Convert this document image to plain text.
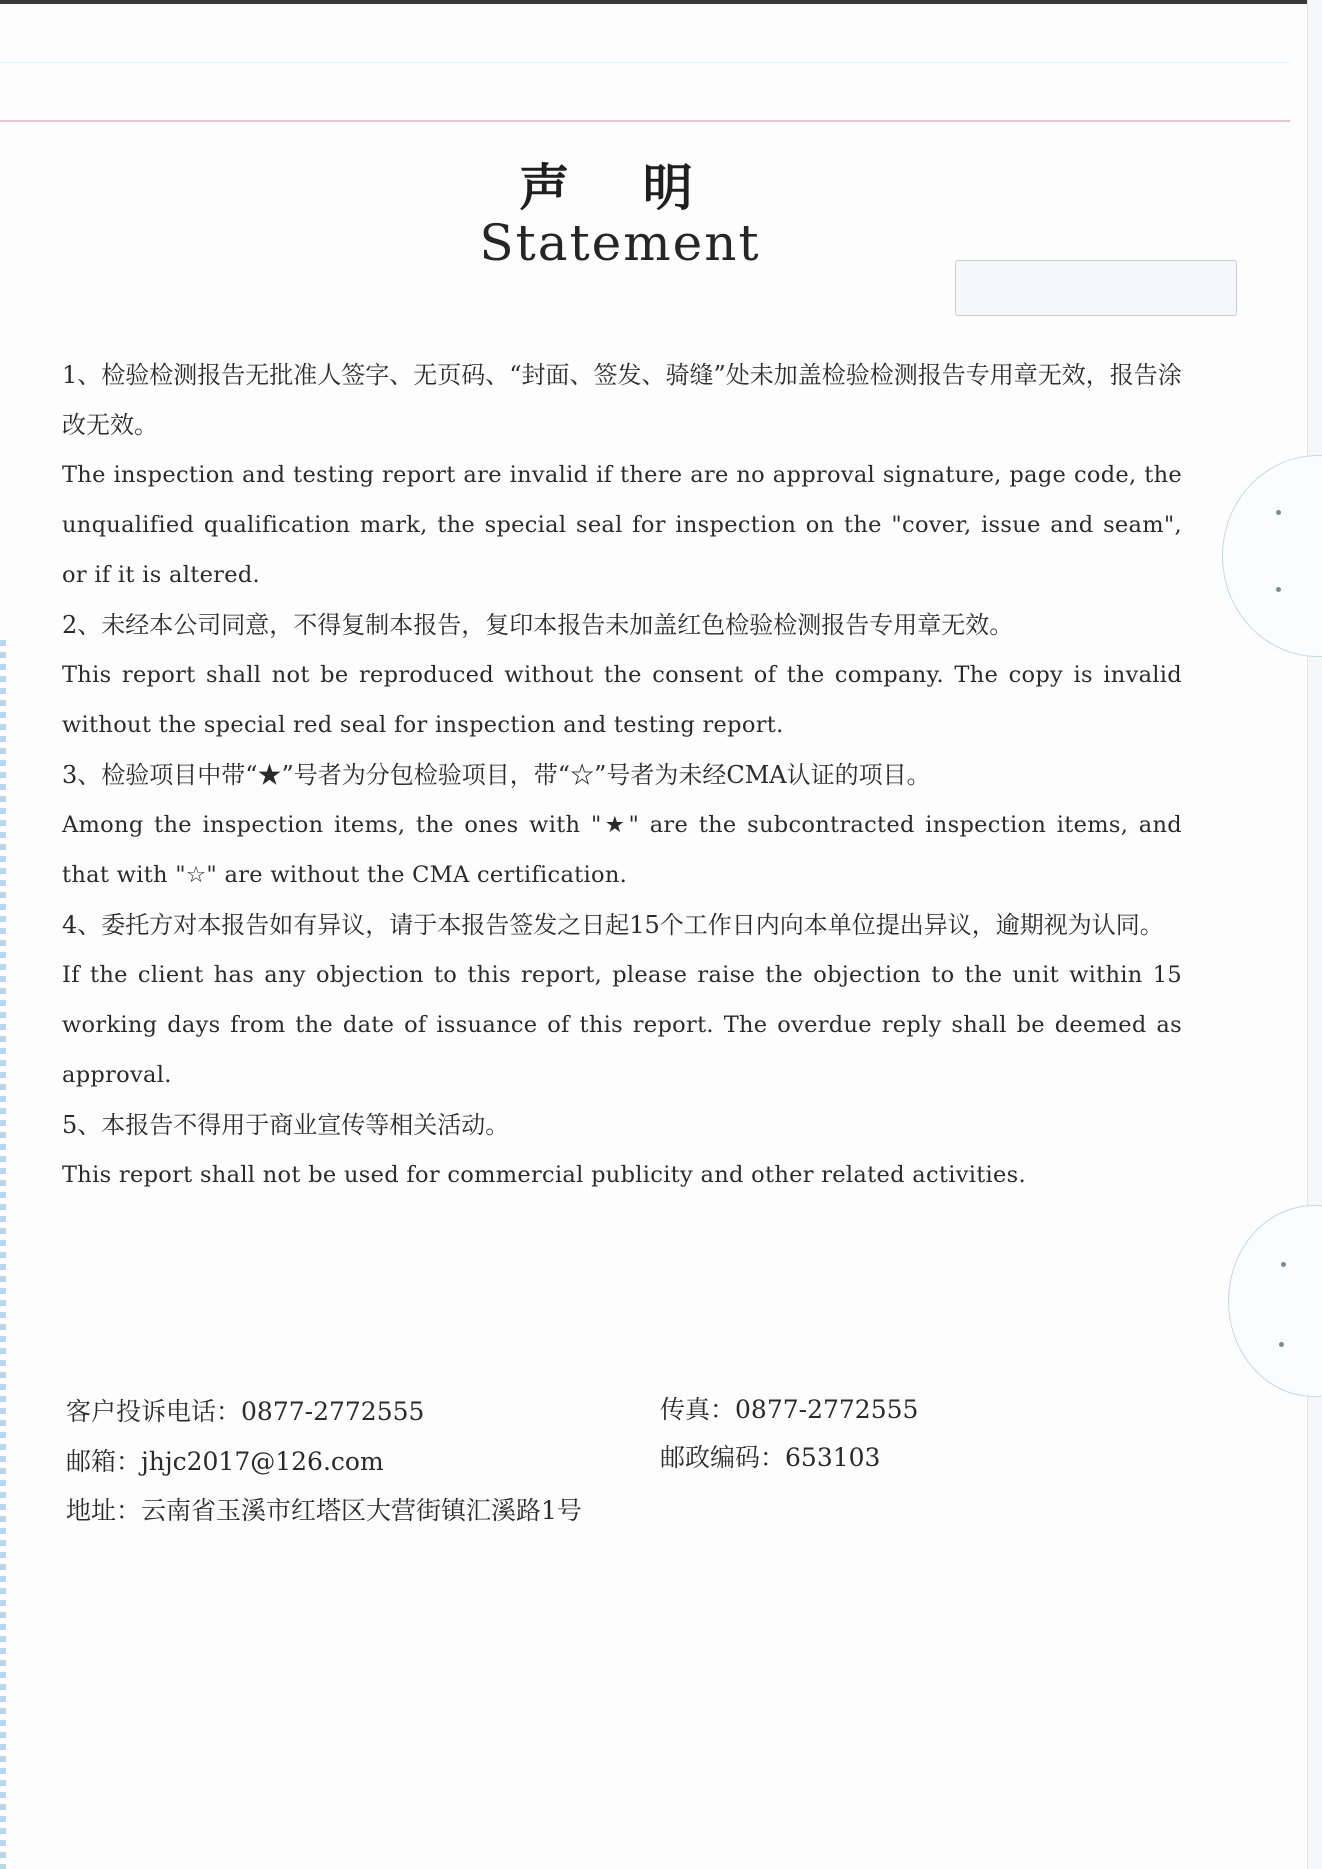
声 明
Statement

1、检验检测报告无批准人签字、无页码、“封面、签发、骑缝”处未加盖检验检测报告专用章无效，报告涂改无效。

The inspection and testing report are invalid if there are no approval signature, page code, the unqualified qualification mark, the special seal for inspection on the "cover, issue and seam", or if it is altered.

2、未经本公司同意，不得复制本报告，复印本报告未加盖红色检验检测报告专用章无效。

This report shall not be reproduced without the consent of the company. The copy is invalid without the special red seal for inspection and testing report.

3、检验项目中带“★”号者为分包检验项目，带“☆”号者为未经CMA认证的项目。

Among the inspection items, the ones with "★" are the subcontracted inspection items, and that with "☆" are without the CMA certification.

4、委托方对本报告如有异议，请于本报告签发之日起15个工作日内向本单位提出异议，逾期视为认同。

If the client has any objection to this report, please raise the objection to the unit within 15 working days from the date of issuance of this report. The overdue reply shall be deemed as approval.

5、本报告不得用于商业宣传等相关活动。

This report shall not be used for commercial publicity and other related activities.

客户投诉电话：0877-2772555	传真：0877-2772555
邮箱：jhjc2017@126.com	邮政编码：653103
地址：云南省玉溪市红塔区大营街镇汇溪路1号
